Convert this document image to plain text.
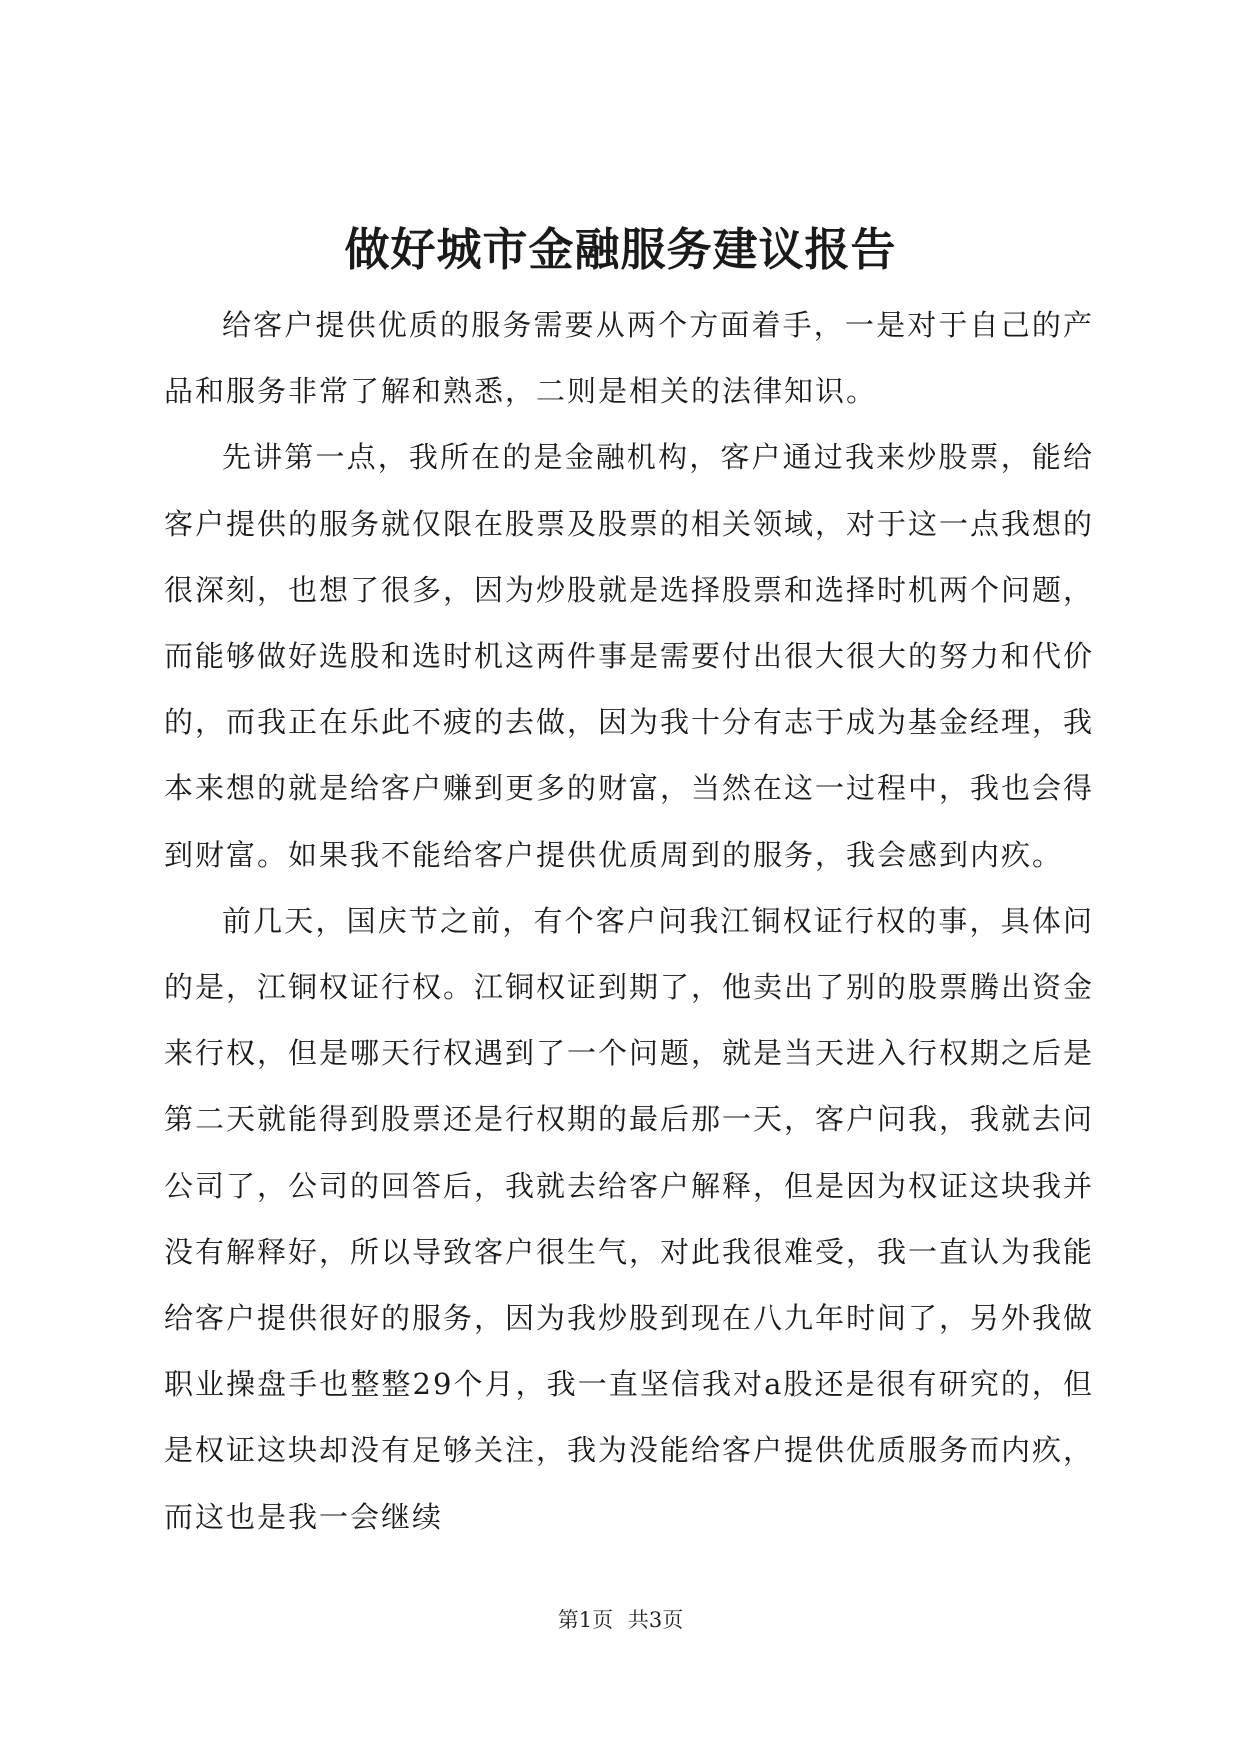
做好城市金融服务建议报告

给客户提供优质的服务需要从两个方面着手，一是对于自己的产品和服务非常了解和熟悉，二则是相关的法律知识。

先讲第一点，我所在的是金融机构，客户通过我来炒股票，能给客户提供的服务就仅限在股票及股票的相关领域，对于这一点我想的很深刻，也想了很多，因为炒股就是选择股票和选择时机两个问题，而能够做好选股和选时机这两件事是需要付出很大很大的努力和代价的，而我正在乐此不疲的去做，因为我十分有志于成为基金经理，我本来想的就是给客户赚到更多的财富，当然在这一过程中，我也会得到财富。如果我不能给客户提供优质周到的服务，我会感到内疚。

前几天，国庆节之前，有个客户问我江铜权证行权的事，具体问的是，江铜权证行权。江铜权证到期了，他卖出了别的股票腾出资金来行权，但是哪天行权遇到了一个问题，就是当天进入行权期之后是第二天就能得到股票还是行权期的最后那一天，客户问我，我就去问公司了，公司的回答后，我就去给客户解释，但是因为权证这块我并没有解释好，所以导致客户很生气，对此我很难受，我一直认为我能给客户提供很好的服务，因为我炒股到现在八九年时间了，另外我做职业操盘手也整整29个月，我一直坚信我对a股还是很有研究的，但是权证这块却没有足够关注，我为没能给客户提供优质服务而内疚，而这也是我一会继续

第1页 共3页
